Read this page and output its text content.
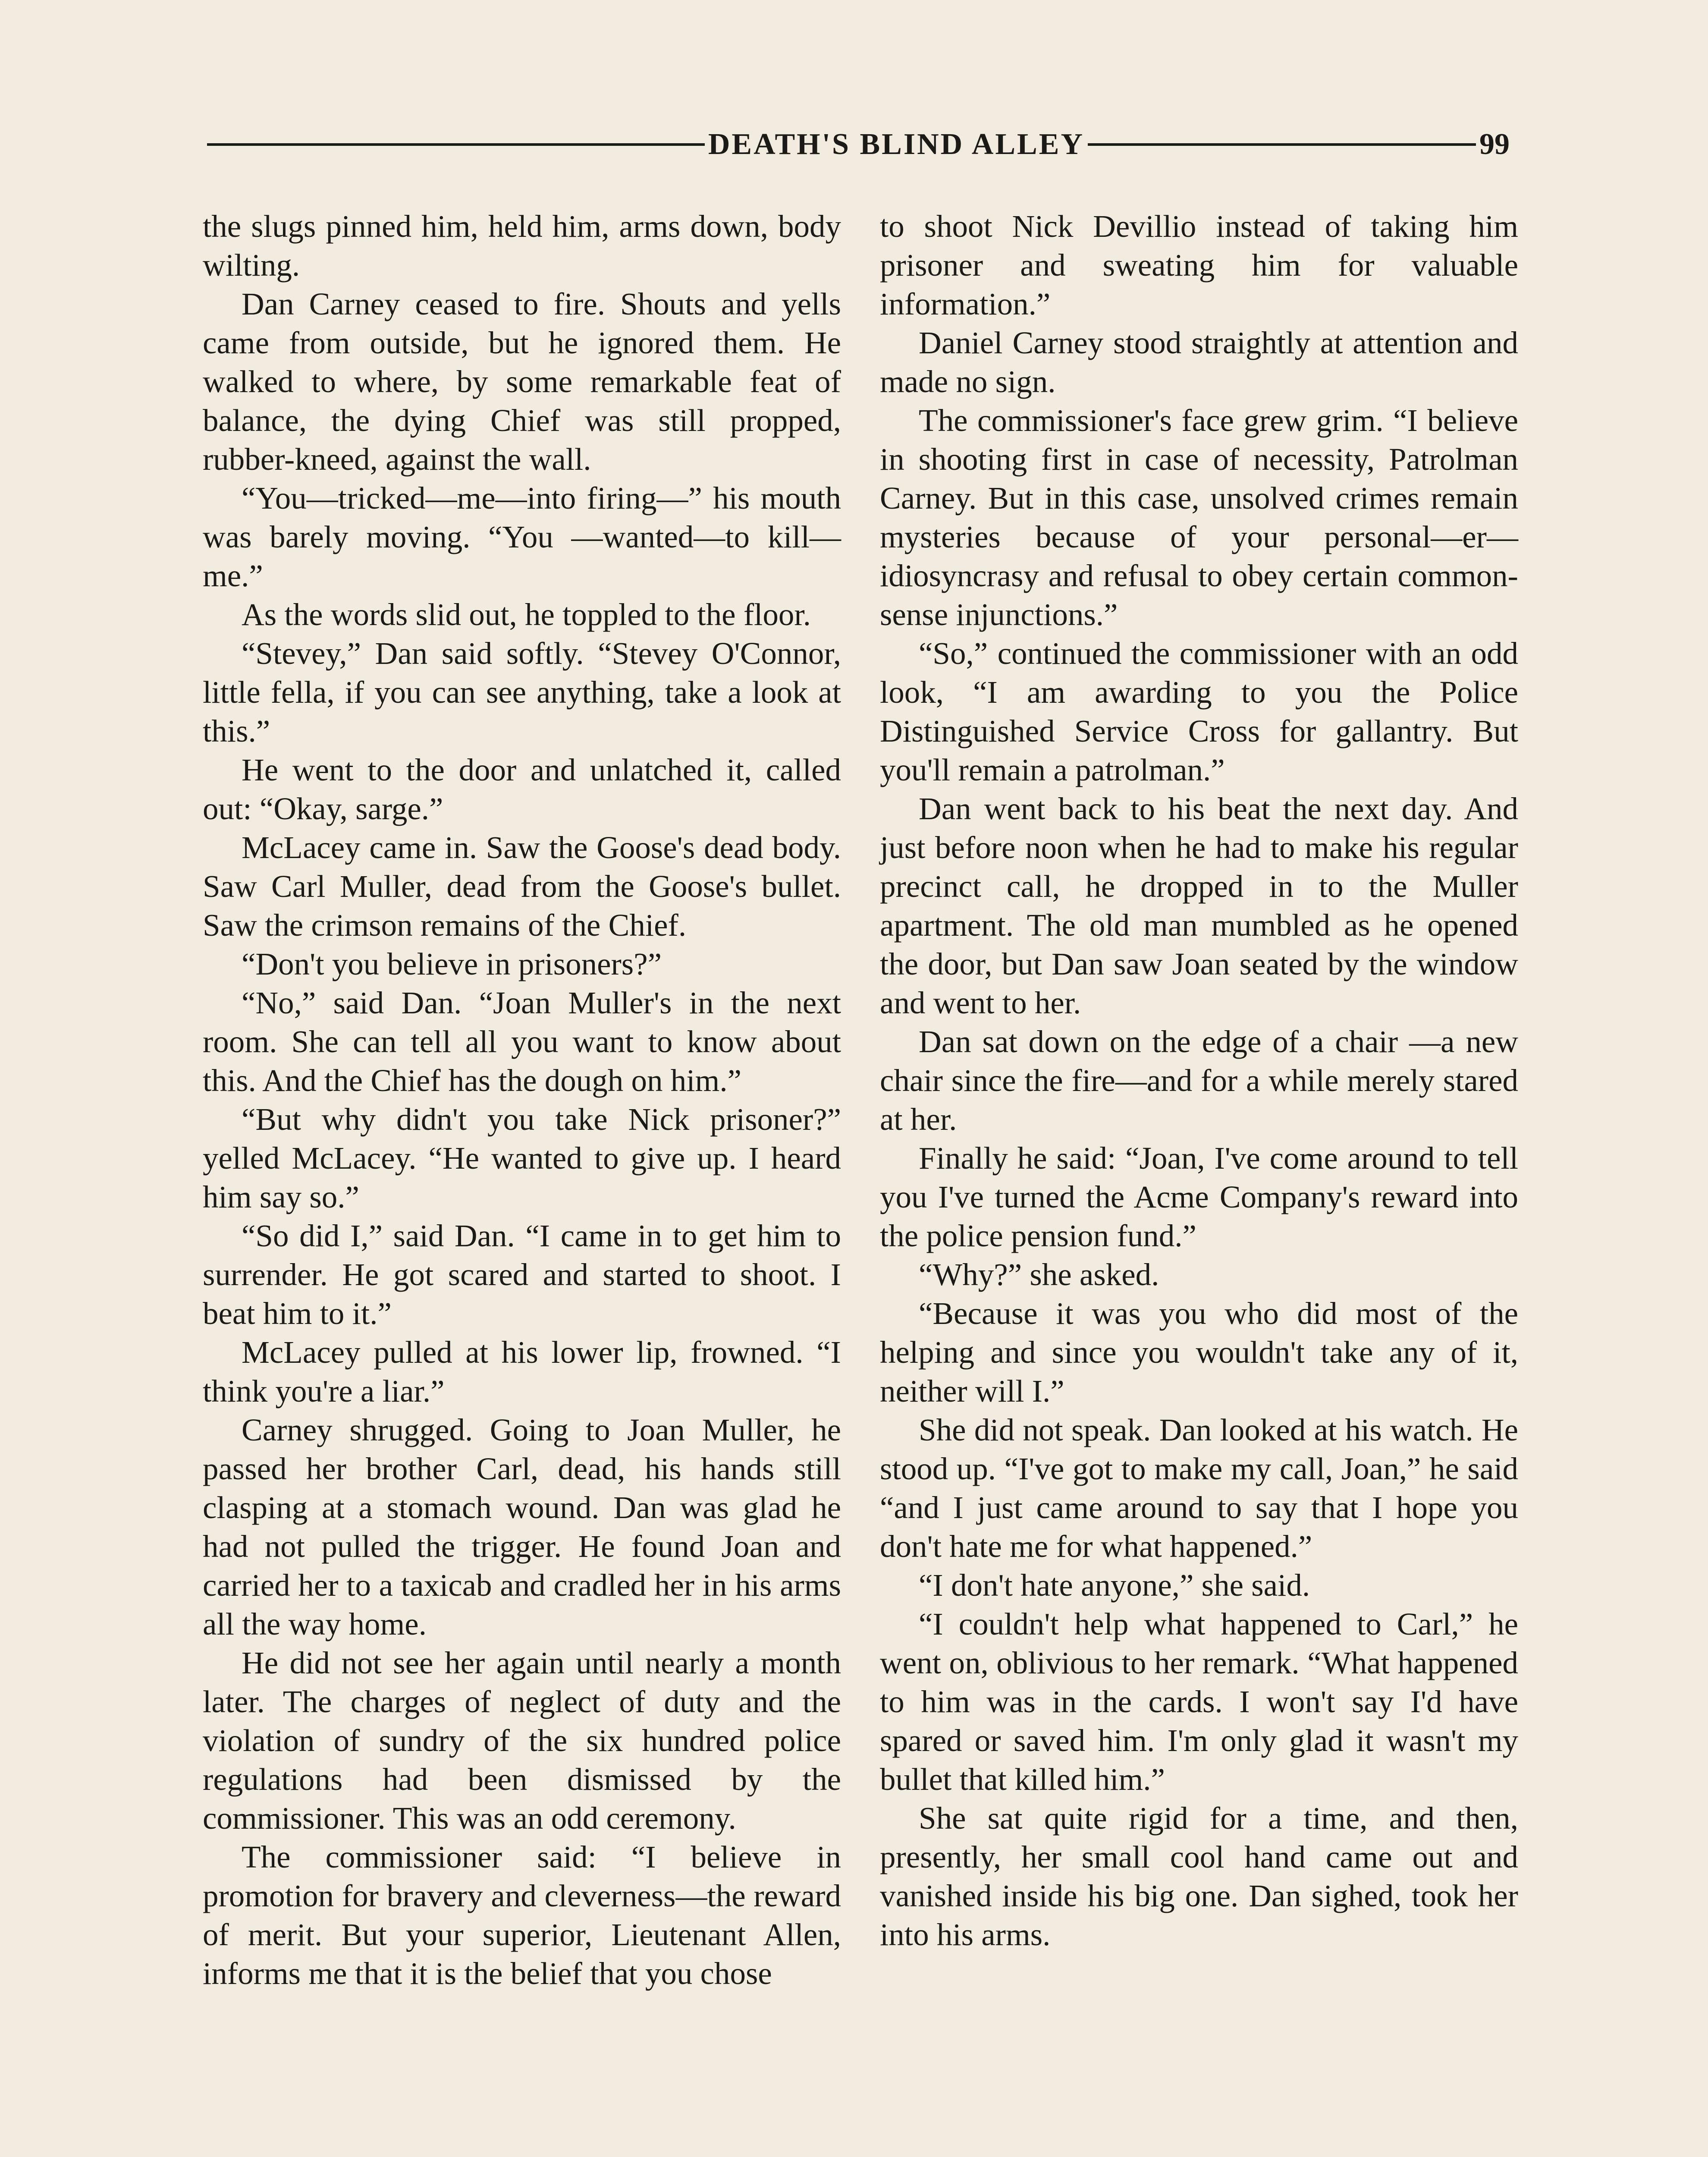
DEATH'S BLIND ALLEY	99

the slugs pinned him, held him, arms down, body wilting.

Dan Carney ceased to fire. Shouts and yells came from outside, but he ignored them. He walked to where, by some remarkable feat of balance, the dying Chief was still propped, rubber-kneed, against the wall.

“You—tricked—me—into firing—” his mouth was barely moving. “You —wanted—to kill—me.”

As the words slid out, he toppled to the floor.

“Stevey,” Dan said softly. “Stevey O'Connor, little fella, if you can see anything, take a look at this.”

He went to the door and unlatched it, called out: “Okay, sarge.”

McLacey came in. Saw the Goose's dead body. Saw Carl Muller, dead from the Goose's bullet. Saw the crimson remains of the Chief.

“Don't you believe in prisoners?”

“No,” said Dan. “Joan Muller's in the next room. She can tell all you want to know about this. And the Chief has the dough on him.”

“But why didn't you take Nick prisoner?” yelled McLacey. “He wanted to give up. I heard him say so.”

“So did I,” said Dan. “I came in to get him to surrender. He got scared and started to shoot. I beat him to it.”

McLacey pulled at his lower lip, frowned. “I think you're a liar.”

Carney shrugged. Going to Joan Muller, he passed her brother Carl, dead, his hands still clasping at a stomach wound. Dan was glad he had not pulled the trigger. He found Joan and carried her to a taxicab and cradled her in his arms all the way home.

He did not see her again until nearly a month later. The charges of neglect of duty and the violation of sundry of the six hundred police regulations had been dismissed by the commissioner. This was an odd ceremony.

The commissioner said: “I believe in promotion for bravery and cleverness—the reward of merit. But your superior, Lieutenant Allen, informs me that it is the belief that you chose

to shoot Nick Devillio instead of taking him prisoner and sweating him for valuable information.”

Daniel Carney stood straightly at attention and made no sign.

The commissioner's face grew grim. “I believe in shooting first in case of necessity, Patrolman Carney. But in this case, unsolved crimes remain mysteries because of your personal—er—idiosyncrasy and refusal to obey certain common-sense injunctions.”

“So,” continued the commissioner with an odd look, “I am awarding to you the Police Distinguished Service Cross for gallantry. But you'll remain a patrolman.”

Dan went back to his beat the next day. And just before noon when he had to make his regular precinct call, he dropped in to the Muller apartment. The old man mumbled as he opened the door, but Dan saw Joan seated by the window and went to her.

Dan sat down on the edge of a chair —a new chair since the fire—and for a while merely stared at her.

Finally he said: “Joan, I've come around to tell you I've turned the Acme Company's reward into the police pension fund.”

“Why?” she asked.

“Because it was you who did most of the helping and since you wouldn't take any of it, neither will I.”

She did not speak. Dan looked at his watch. He stood up. “I've got to make my call, Joan,” he said “and I just came around to say that I hope you don't hate me for what happened.”

“I don't hate anyone,” she said.

“I couldn't help what happened to Carl,” he went on, oblivious to her remark. “What happened to him was in the cards. I won't say I'd have spared or saved him. I'm only glad it wasn't my bullet that killed him.”

She sat quite rigid for a time, and then, presently, her small cool hand came out and vanished inside his big one. Dan sighed, took her into his arms.
